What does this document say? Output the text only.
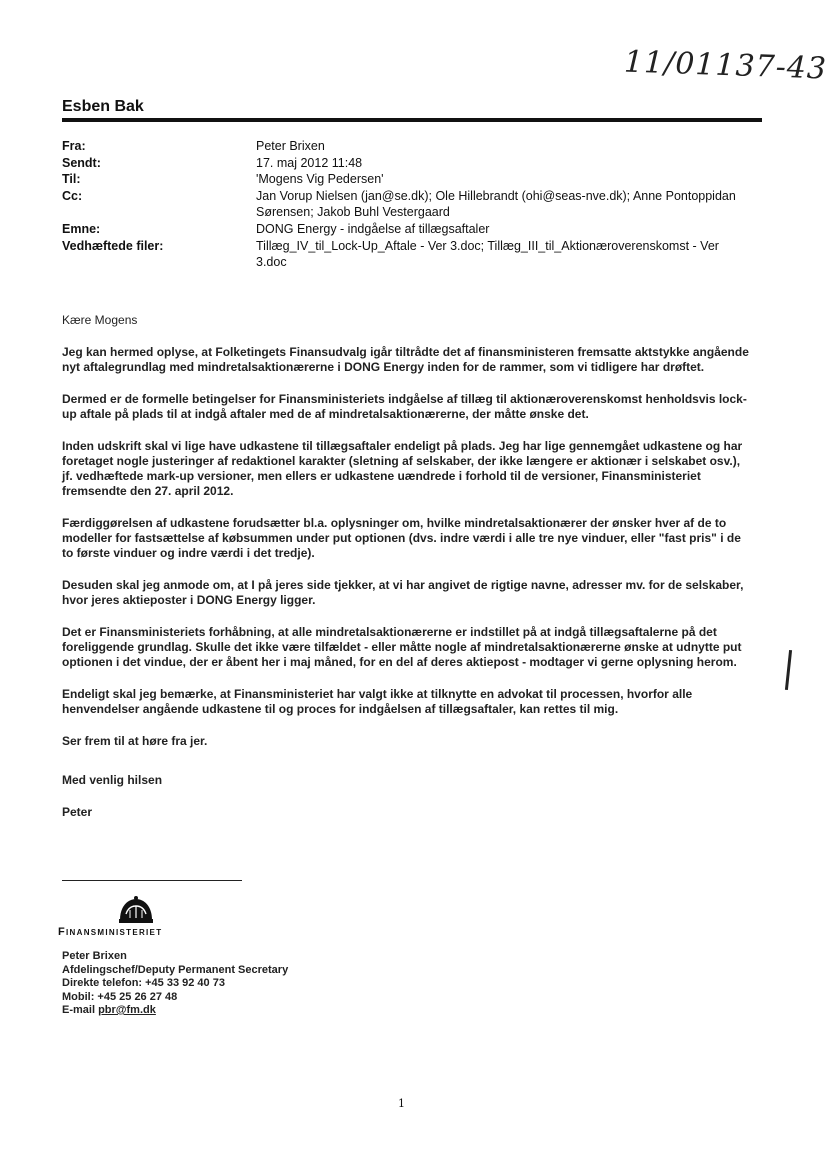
11/01137-43
Esben Bak
Fra:	Peter Brixen
Sendt:	17. maj 2012 11:48
Til:	'Mogens Vig Pedersen'
Cc:	Jan Vorup Nielsen (jan@se.dk); Ole Hillebrandt (ohi@seas-nve.dk); Anne Pontoppidan Sørensen; Jakob Buhl Vestergaard
Emne:	DONG Energy - indgåelse af tillægsaftaler
Vedhæftede filer:	Tillæg_IV_til_Lock-Up_Aftale - Ver 3.doc; Tillæg_III_til_Aktionæroverenskomst - Ver 3.doc

Kære Mogens

Jeg kan hermed oplyse, at Folketingets Finansudvalg igår tiltrådte det af finansministeren fremsatte aktstykke angående nyt aftalegrundlag med mindretalsaktionærerne i DONG Energy inden for de rammer, som vi tidligere har drøftet.

Dermed er de formelle betingelser for Finansministeriets indgåelse af tillæg til aktionæroverenskomst henholdsvis lock-up aftale på plads til at indgå aftaler med de af mindretalsaktionærerne, der måtte ønske det.

Inden udskrift skal vi lige have udkastene til tillægsaftaler endeligt på plads. Jeg har lige gennemgået udkastene og har foretaget nogle justeringer af redaktionel karakter (sletning af selskaber, der ikke længere er aktionær i selskabet osv.), jf. vedhæftede mark-up versioner, men ellers er udkastene uændrede i forhold til de versioner, Finansministeriet fremsendte den 27. april 2012.

Færdiggørelsen af udkastene forudsætter bl.a. oplysninger om, hvilke mindretalsaktionærer der ønsker hver af de to modeller for fastsættelse af købsummen under put optionen (dvs. indre værdi i alle tre nye vinduer, eller "fast pris" i de to første vinduer og indre værdi i det tredje).

Desuden skal jeg anmode om, at I på jeres side tjekker, at vi har angivet de rigtige navne, adresser mv. for de selskaber, hvor jeres aktieposter i DONG Energy ligger.

Det er Finansministeriets forhåbning, at alle mindretalsaktionærerne er indstillet på at indgå tillægsaftalerne på det foreliggende grundlag. Skulle det ikke være tilfældet - eller måtte nogle af mindretalsaktionærerne ønske at udnytte put optionen i det vindue, der er åbent her i maj måned, for en del af deres aktiepost - modtager vi gerne oplysning herom.

Endeligt skal jeg bemærke, at Finansministeriet har valgt ikke at tilknytte en advokat til processen, hvorfor alle henvendelser angående udkastene til og proces for indgåelsen af tillægsaftaler, kan rettes til mig.

Ser frem til at høre fra jer.

Med venlig hilsen

Peter

Finansministeriet
Peter Brixen
Afdelingschef/Deputy Permanent Secretary
Direkte telefon: +45 33 92 40 73
Mobil: +45 25 26 27 48
E-mail pbr@fm.dk
1
